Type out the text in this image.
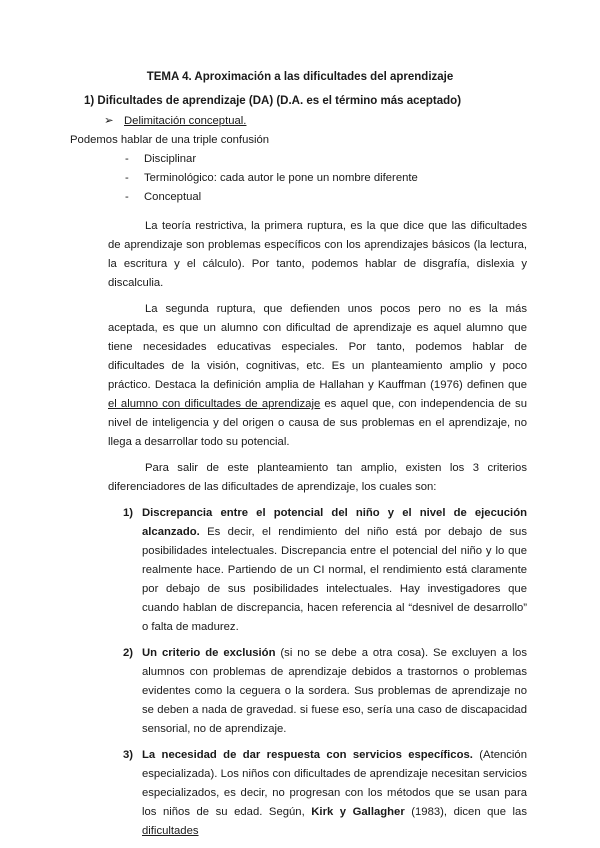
TEMA 4. Aproximación a las dificultades del aprendizaje
1) Dificultades de aprendizaje (DA) (D.A. es el término más aceptado)
➢ Delimitación conceptual.
Podemos hablar de una triple confusión
- Disciplinar
- Terminológico: cada autor le pone un nombre diferente
- Conceptual

La teoría restrictiva, la primera ruptura, es la que dice que las dificultades de aprendizaje son problemas específicos con los aprendizajes básicos (la lectura, la escritura y el cálculo). Por tanto, podemos hablar de disgrafía, dislexia y discalculia.

La segunda ruptura, que defienden unos pocos pero no es la más aceptada, es que un alumno con dificultad de aprendizaje es aquel alumno que tiene necesidades educativas especiales. Por tanto, podemos hablar de dificultades de la visión, cognitivas, etc. Es un planteamiento amplio y poco práctico. Destaca la definición amplia de Hallahan y Kauffman (1976) definen que el alumno con dificultades de aprendizaje es aquel que, con independencia de su nivel de inteligencia y del origen o causa de sus problemas en el aprendizaje, no llega a desarrollar todo su potencial.

Para salir de este planteamiento tan amplio, existen los 3 criterios diferenciadores de las dificultades de aprendizaje, los cuales son:

1) Discrepancia entre el potencial del niño y el nivel de ejecución alcanzado. Es decir, el rendimiento del niño está por debajo de sus posibilidades intelectuales. Discrepancia entre el potencial del niño y lo que realmente hace. Partiendo de un CI normal, el rendimiento está claramente por debajo de sus posibilidades intelectuales. Hay investigadores que cuando hablan de discrepancia, hacen referencia al “desnivel de desarrollo” o falta de madurez.
2) Un criterio de exclusión (si no se debe a otra cosa). Se excluyen a los alumnos con problemas de aprendizaje debidos a trastornos o problemas evidentes como la ceguera o la sordera. Sus problemas de aprendizaje no se deben a nada de gravedad. si fuese eso, sería una caso de discapacidad sensorial, no de aprendizaje.
3) La necesidad de dar respuesta con servicios específicos. (Atención especializada). Los niños con dificultades de aprendizaje necesitan servicios especializados, es decir, no progresan con los métodos que se usan para los niños de su edad. Según, Kirk y Gallagher (1983), dicen que las dificultades
